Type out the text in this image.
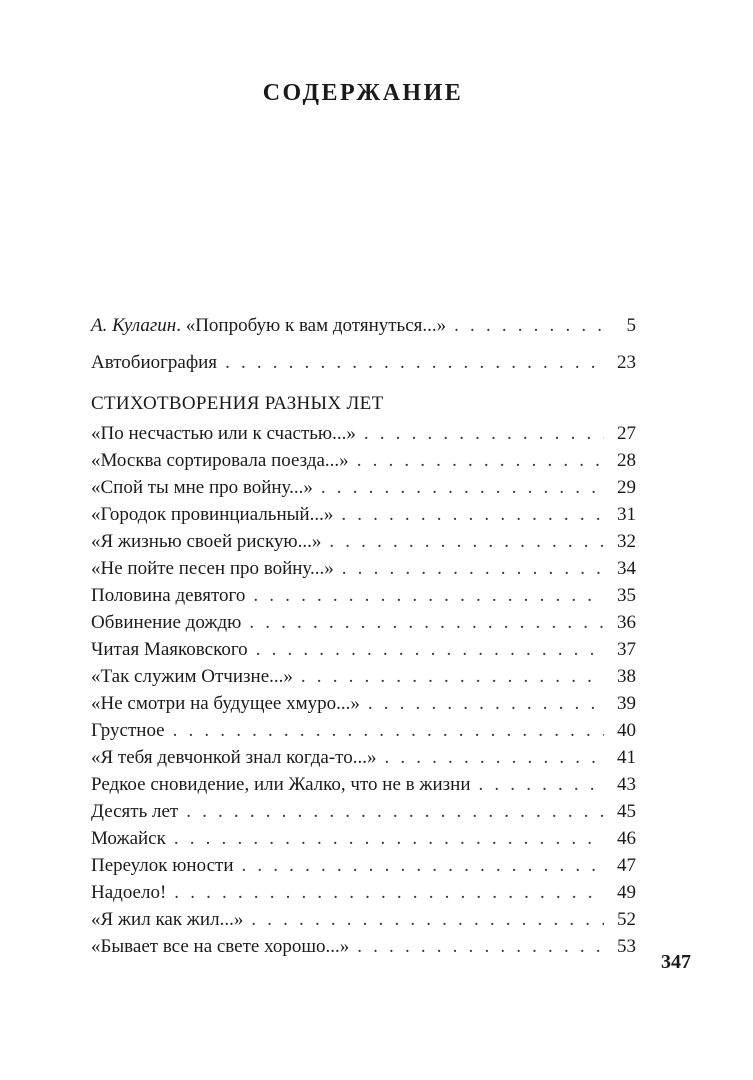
СОДЕРЖАНИЕ
А. Кулагин. «Попробую к вам дотянуться...» . . .	5
Автобиография . . .	23
СТИХОТВОРЕНИЯ РАЗНЫХ ЛЕТ
«По несчастью или к счастью...» . . .	27
«Москва сортировала поезда...» . . .	28
«Спой ты мне про войну...» . . .	29
«Городок провинциальный...» . . .	31
«Я жизнью своей рискую...» . . .	32
«Не пойте песен про войну...» . . .	34
Половина девятого . . .	35
Обвинение дождю . . .	36
Читая Маяковского . . .	37
«Так служим Отчизне...» . . .	38
«Не смотри на будущее хмуро...» . . .	39
Грустное . . .	40
«Я тебя девчонкой знал когда-то...» . . .	41
Редкое сновидение, или Жалко, что не в жизни . . .	43
Десять лет . . .	45
Можайск . . .	46
Переулок юности . . .	47
Надоело! . . .	49
«Я жил как жил...» . . .	52
«Бывает все на свете хорошо...» . . .	53
347
